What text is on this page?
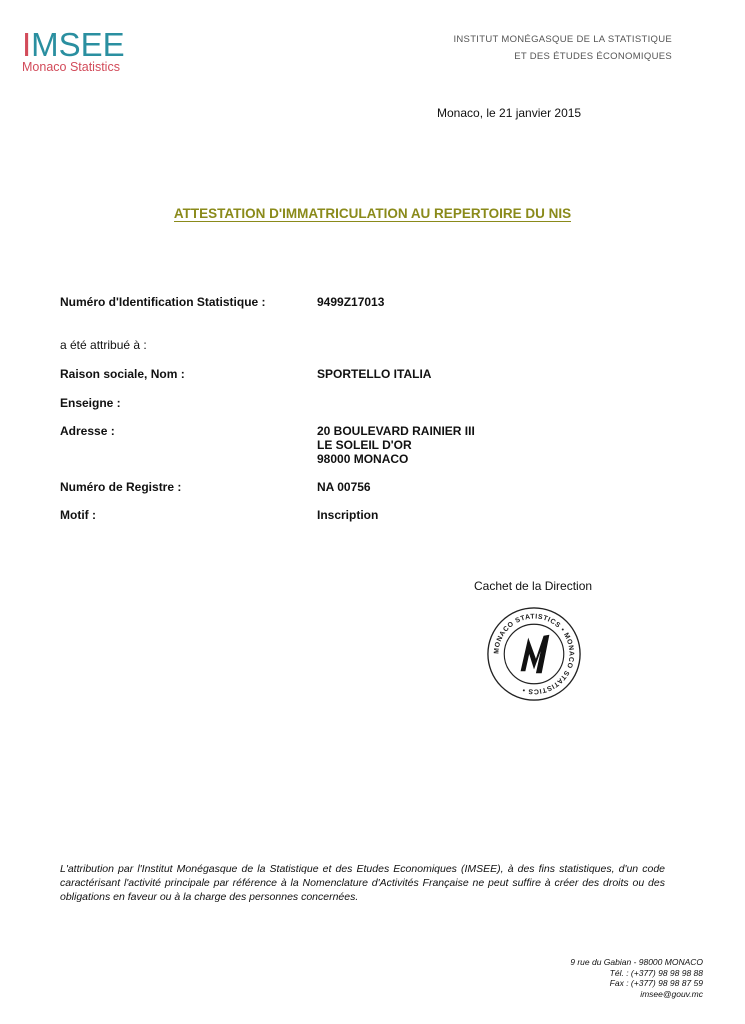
IMSEE
Monaco Statistics
INSTITUT MONÉGASQUE DE LA STATISTIQUE
ET DES ÉTUDES ÉCONOMIQUES
Monaco, le 21 janvier 2015
ATTESTATION D'IMMATRICULATION AU REPERTOIRE DU NIS
Numéro d'Identification Statistique :	9499Z17013
a été attribué à :
Raison sociale, Nom :	SPORTELLO ITALIA
Enseigne :
Adresse :	20 BOULEVARD RAINIER III
LE SOLEIL D'OR
98000 MONACO
Numéro de Registre :	NA 00756
Motif :	Inscription
Cachet de la Direction
MONACO STATISTICS • MONACO STATISTICS •
L'attribution par l'Institut Monégasque de la Statistique et des Etudes Economiques (IMSEE), à des fins statistiques, d'un code caractérisant l'activité principale par référence à la Nomenclature d'Activités Française ne peut suffire à créer des droits ou des obligations en faveur ou à la charge des personnes concernées.
9 rue du Gabian - 98000 MONACO
Tél. : (+377) 98 98 98 88
Fax : (+377) 98 98 87 59
imsee@gouv.mc
